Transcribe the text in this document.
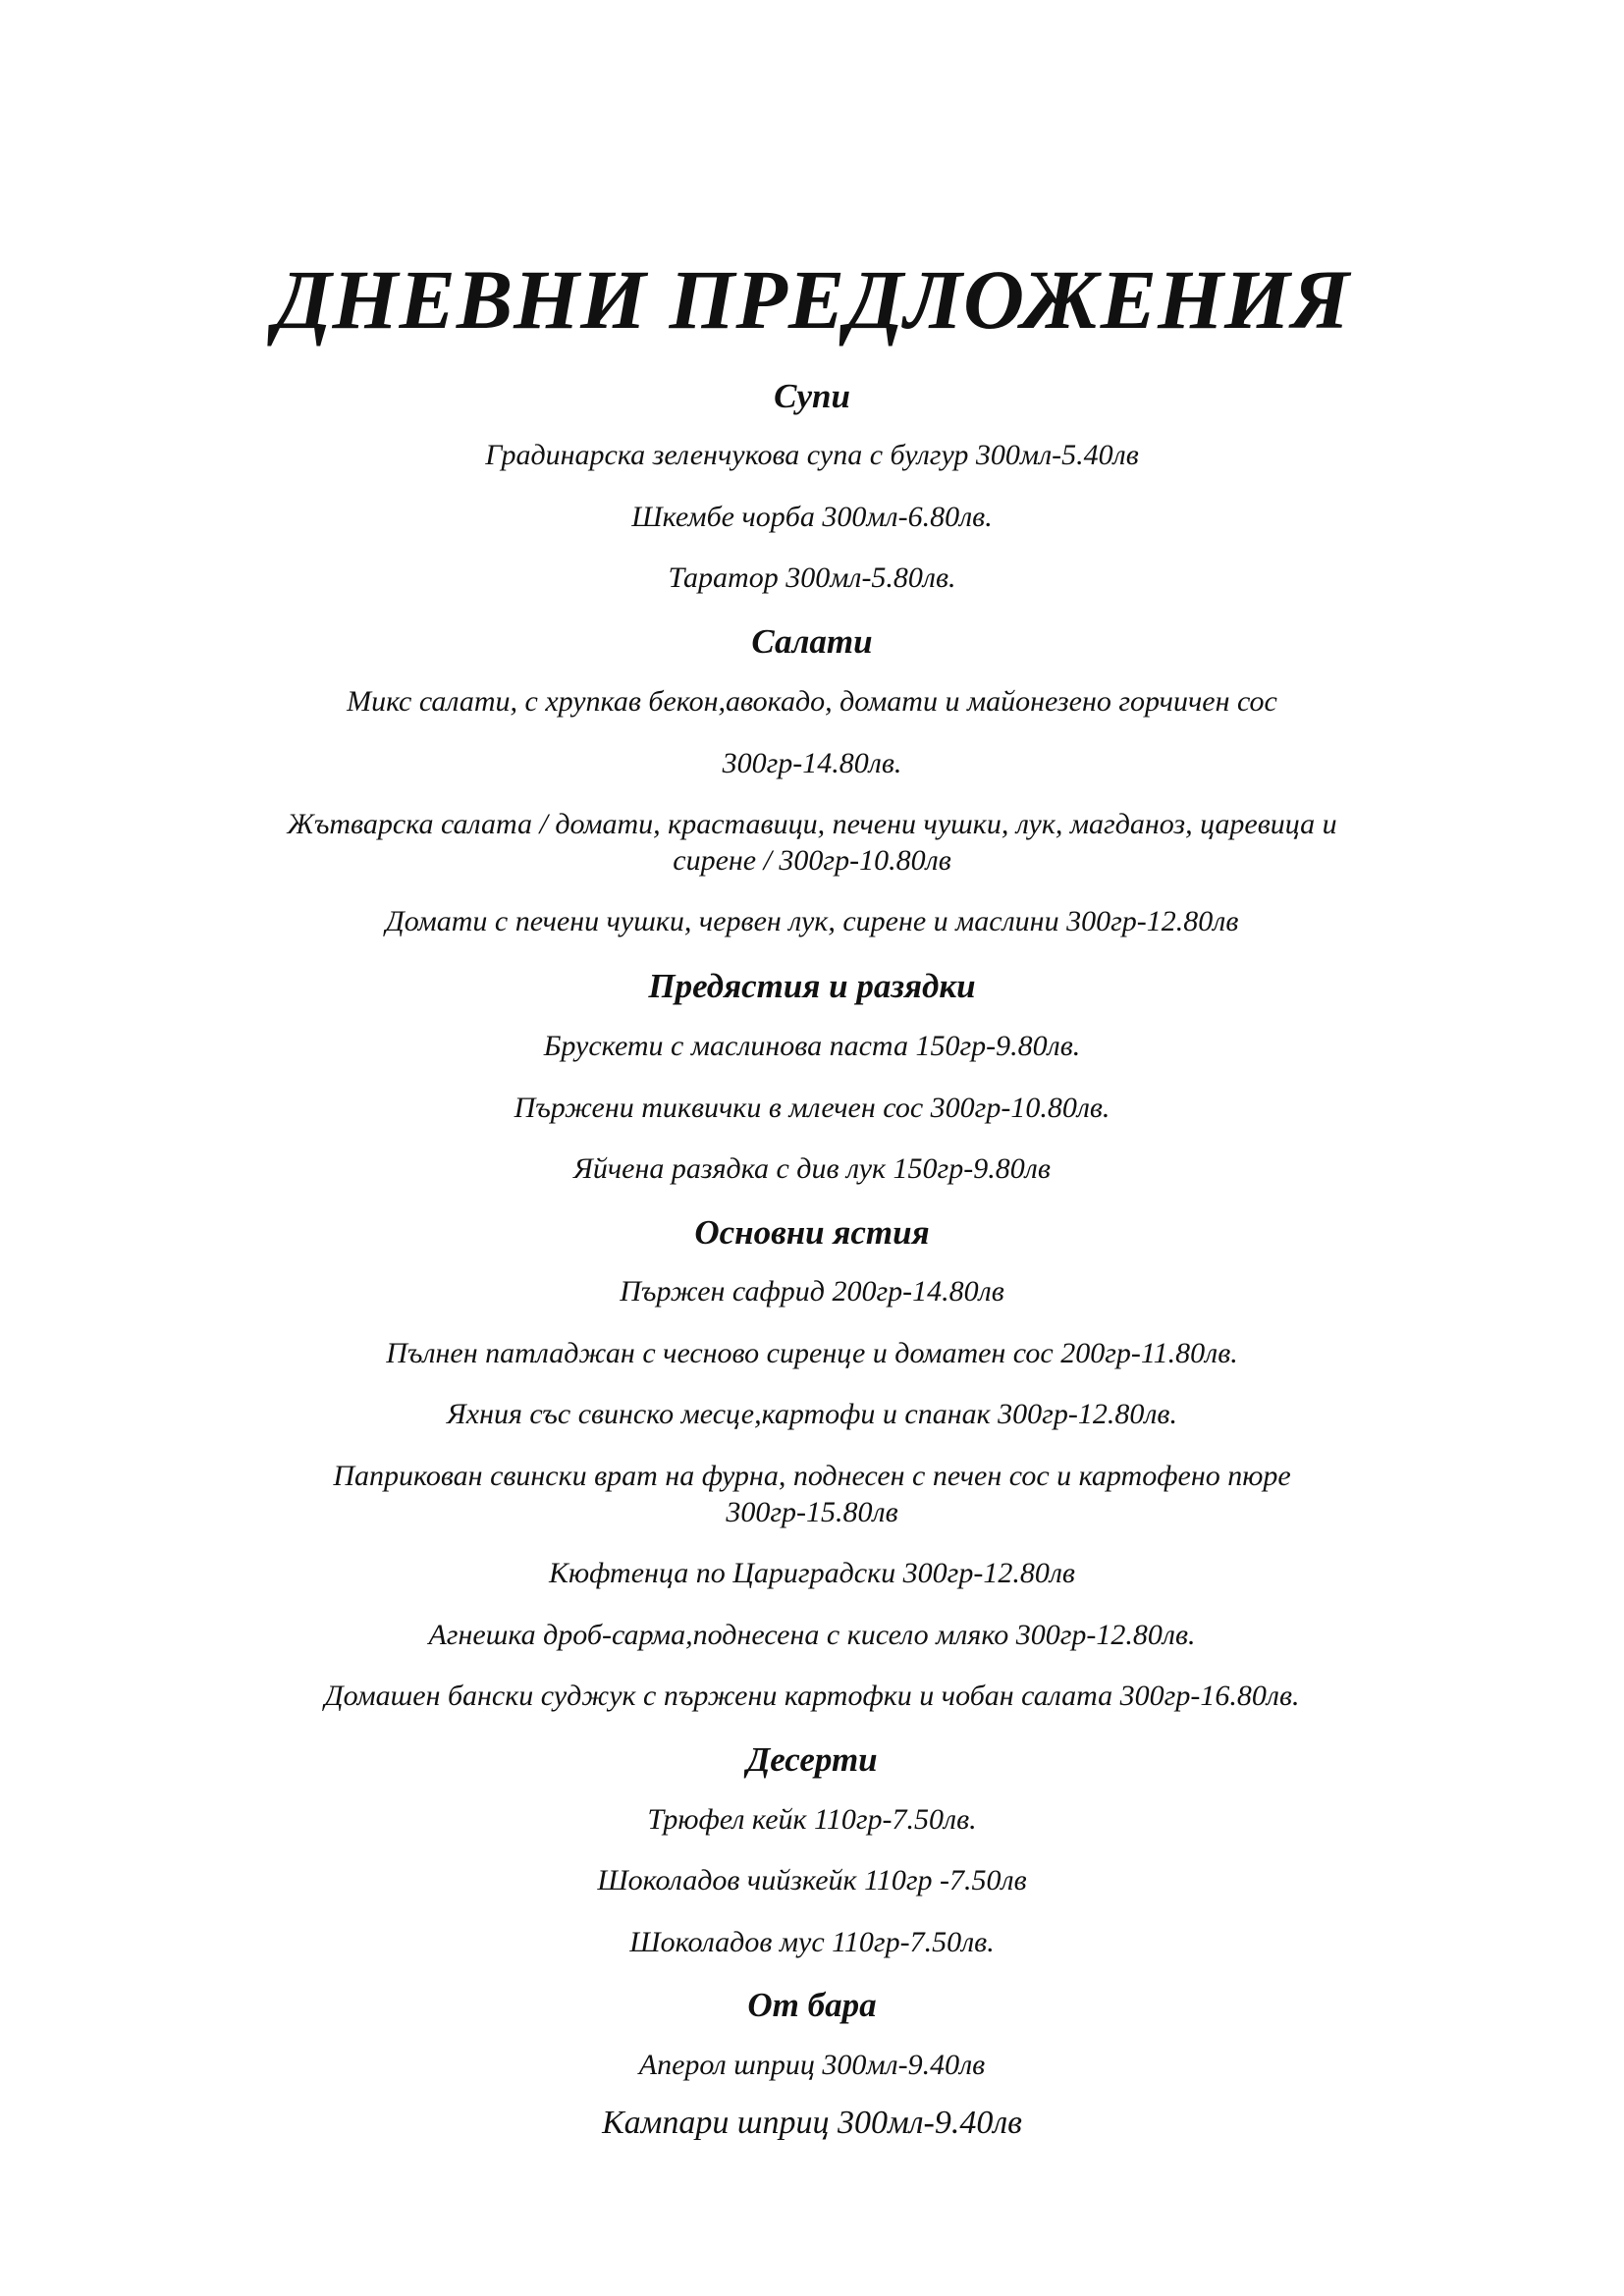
ДНЕВНИ ПРЕДЛОЖЕНИЯ
Супи
Градинарска зеленчукова супа с булгур 300мл-5.40лв
Шкембе чорба 300мл-6.80лв.
Таратор 300мл-5.80лв.
Салати
Микс салати, с хрупкав бекон,авокадо, домати и майонезено горчичен сос
300гр-14.80лв.
Жътварска салата / домати, краставици, печени чушки, лук, магданоз, царевица и
сирене / 300гр-10.80лв
Домати с печени чушки, червен лук, сирене и маслини 300гр-12.80лв
Предястия и разядки
Брускети с маслинова паста 150гр-9.80лв.
Пържени тиквички в млечен сос 300гр-10.80лв.
Яйчена разядка с див лук 150гр-9.80лв
Основни ястия
Пържен сафрид 200гр-14.80лв
Пълнен патладжан с чесново сиренце и доматен сос 200гр-11.80лв.
Яхния със свинско месце,картофи и спанак 300гр-12.80лв.
Паприкован свински врат на фурна, поднесен с печен сос и картофено пюре
300гр-15.80лв
Кюфтенца по Цариградски 300гр-12.80лв
Агнешка дроб-сарма,поднесена с кисело мляко 300гр-12.80лв.
Домашен бански суджук с пържени картофки и чобан салата 300гр-16.80лв.
Десерти
Трюфел кейк 110гр-7.50лв.
Шоколадов чийзкейк 110гр -7.50лв
Шоколадов мус 110гр-7.50лв.
От бара
Аперол шприц 300мл-9.40лв
Кампари шприц 300мл-9.40лв
